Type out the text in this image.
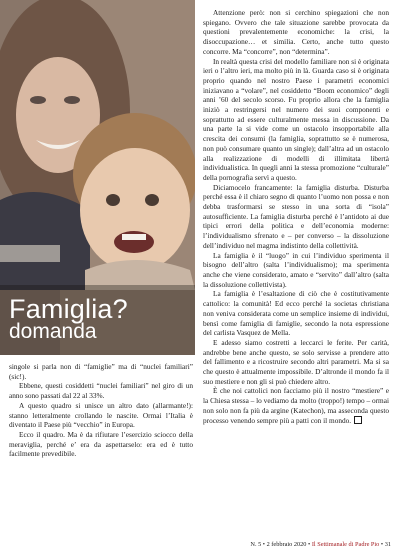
Famiglia?
domanda

singole si parla non di “famiglie” ma di “nuclei familiari” (sic!).

Ebbene, questi cosiddetti “nuclei familiari” nel giro di un anno sono passati dal 22 al 33%.

A questo quadro si unisce un altro dato (allarmante!): stanno letteralmente crollando le nascite. Ormai l’Italia è diventato il Paese più “vecchio” in Europa.

Ecco il quadro. Ma è da rifiutare l’esercizio sciocco della meraviglia, perché e’ era da aspettarselo: era ed è tutto facilmente prevedibile.

Attenzione però: non si cerchino spiegazioni che non spiegano. Ovvero che tale situazione sarebbe provocata da questioni prevalentemente economiche: la crisi, la disoccupazione… et similia. Certo, anche tutto questo concorre. Ma “concorre”, non “determina”.

In realtà questa crisi del modello familiare non si è originata ieri o l’altro ieri, ma molto più in là. Guarda caso si è originata proprio quando nel nostro Paese i parametri economici iniziavano a “volare”, nel cosiddetto “Boom economico” degli anni ’60 del secolo scorso. Fu proprio allora che la famiglia iniziò a restringersi nel numero dei suoi componenti e soprattutto ad essere culturalmente messa in discussione. Da una parte la si vide come un ostacolo insopportabile alla crescita dei consumi (la famiglia, soprattutto se è numerosa, non può consumare quanto un single); dall’altra ad un ostacolo alla realizzazione di modelli di illimitata libertà individualistica. In quegli anni la stessa promozione “culturale” della pornografia servì a questo.

Diciamocelo francamente: la famiglia disturba. Disturba perché essa è il chiaro segno di quanto l’uomo non possa e non debba trasformarsi se stesso in una sorta di “isola” autosufficiente. La famiglia disturba perché è l’antidoto ai due tipici errori della politica e dell’economia moderne: l’individualismo sfrenato e – per converso – la dissoluzione dell’individuo nel magma indistinto della collettività.

La famiglia è il “luogo” in cui l’individuo sperimenta il bisogno dell’altro (salta l’individualismo); ma sperimenta anche che viene considerato, amato e “servito” dall’altro (salta la dissoluzione collettivista).

La famiglia è l’esaltazione di ciò che è costitutivamente cattolico: la comunità! Ed ecco perché la societas christiana non veniva considerata come un semplice insieme di individui, bensì come famiglia di famiglie, secondo la nota espressione del carlista Vasquez de Mella.

E adesso siamo costretti a leccarci le ferite. Per carità, andrebbe bene anche questo, se solo servisse a prendere atto del fallimento e a ricostruire secondo altri parametri. Ma si sa che questo è attualmente impossibile. D’altronde il mondo fa il suo mestiere e non gli si può chiedere altro.

È che noi cattolici non facciamo più il nostro “mestiere” e la Chiesa stessa – lo vediamo da molto (troppo!) tempo – ormai non solo non fa più da argine (Katechon), ma asseconda questo processo venendo sempre più a patti con il mondo.

N. 5 • 2 febbraio 2020 • Il Settimanale di Padre Pio • 31
